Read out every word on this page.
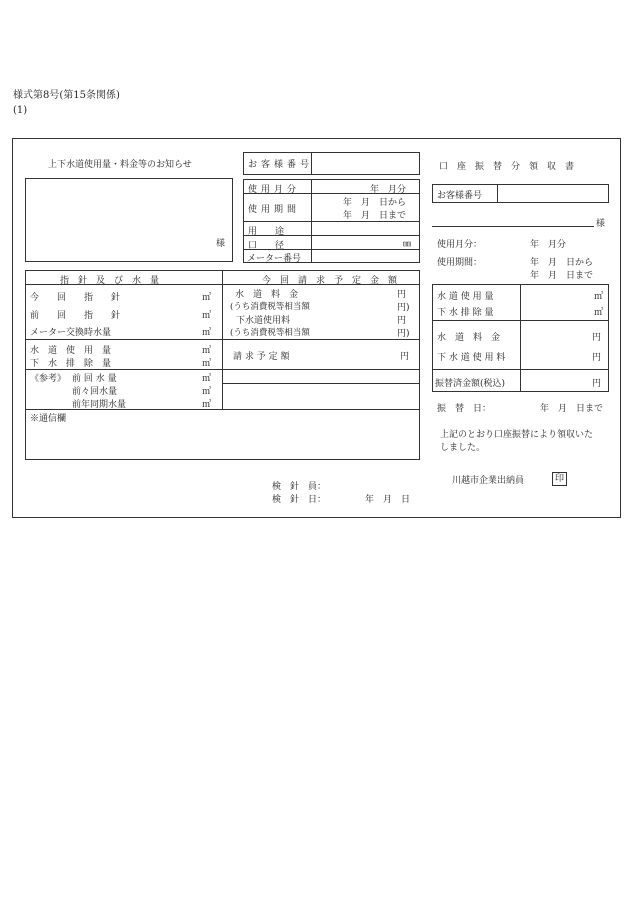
様式第8号(第15条関係)
(1)
上下水道使用量・料金等のお知らせ
様
お客様番号
使用月分	年　月分
使用期間
年　月　日から
年　月　日まで
用　　途
口　　径	㎜
メーター番号
指　針　及　び　水　量	今　回　請　求　予　定　金　額
今　　回　　指　　針	㎥
前　　回　　指　　針	㎥
メーター交換時水量	㎥
水　道　使　用　量	㎥
下　水　排　除　量	㎥
《参考》 前 回 水 量	㎥
前々回水量	㎥
前年同期水量	㎥
※通信欄
水　道　料　金	円
(うち消費税等相当額	円)
下水道使用料	円
(うち消費税等相当額	円)
請 求 予 定 額	円
検　針　員：
検　針　日：	年　月　日
口　座　振　替　分　領　収　書
お客様番号
様
使用月分：	年　月分
使用期間：	年　月　日から
年　月　日まで
水 道 使 用 量	㎥
下 水 排 除 量	㎥
水　道　料　金	円
下 水 道 使 用 料	円
振替済金額(税込)	円
振　替　日：	年　月　日まで
上記のとおり口座振替により領収いた
しました。
川越市企業出納員	印
